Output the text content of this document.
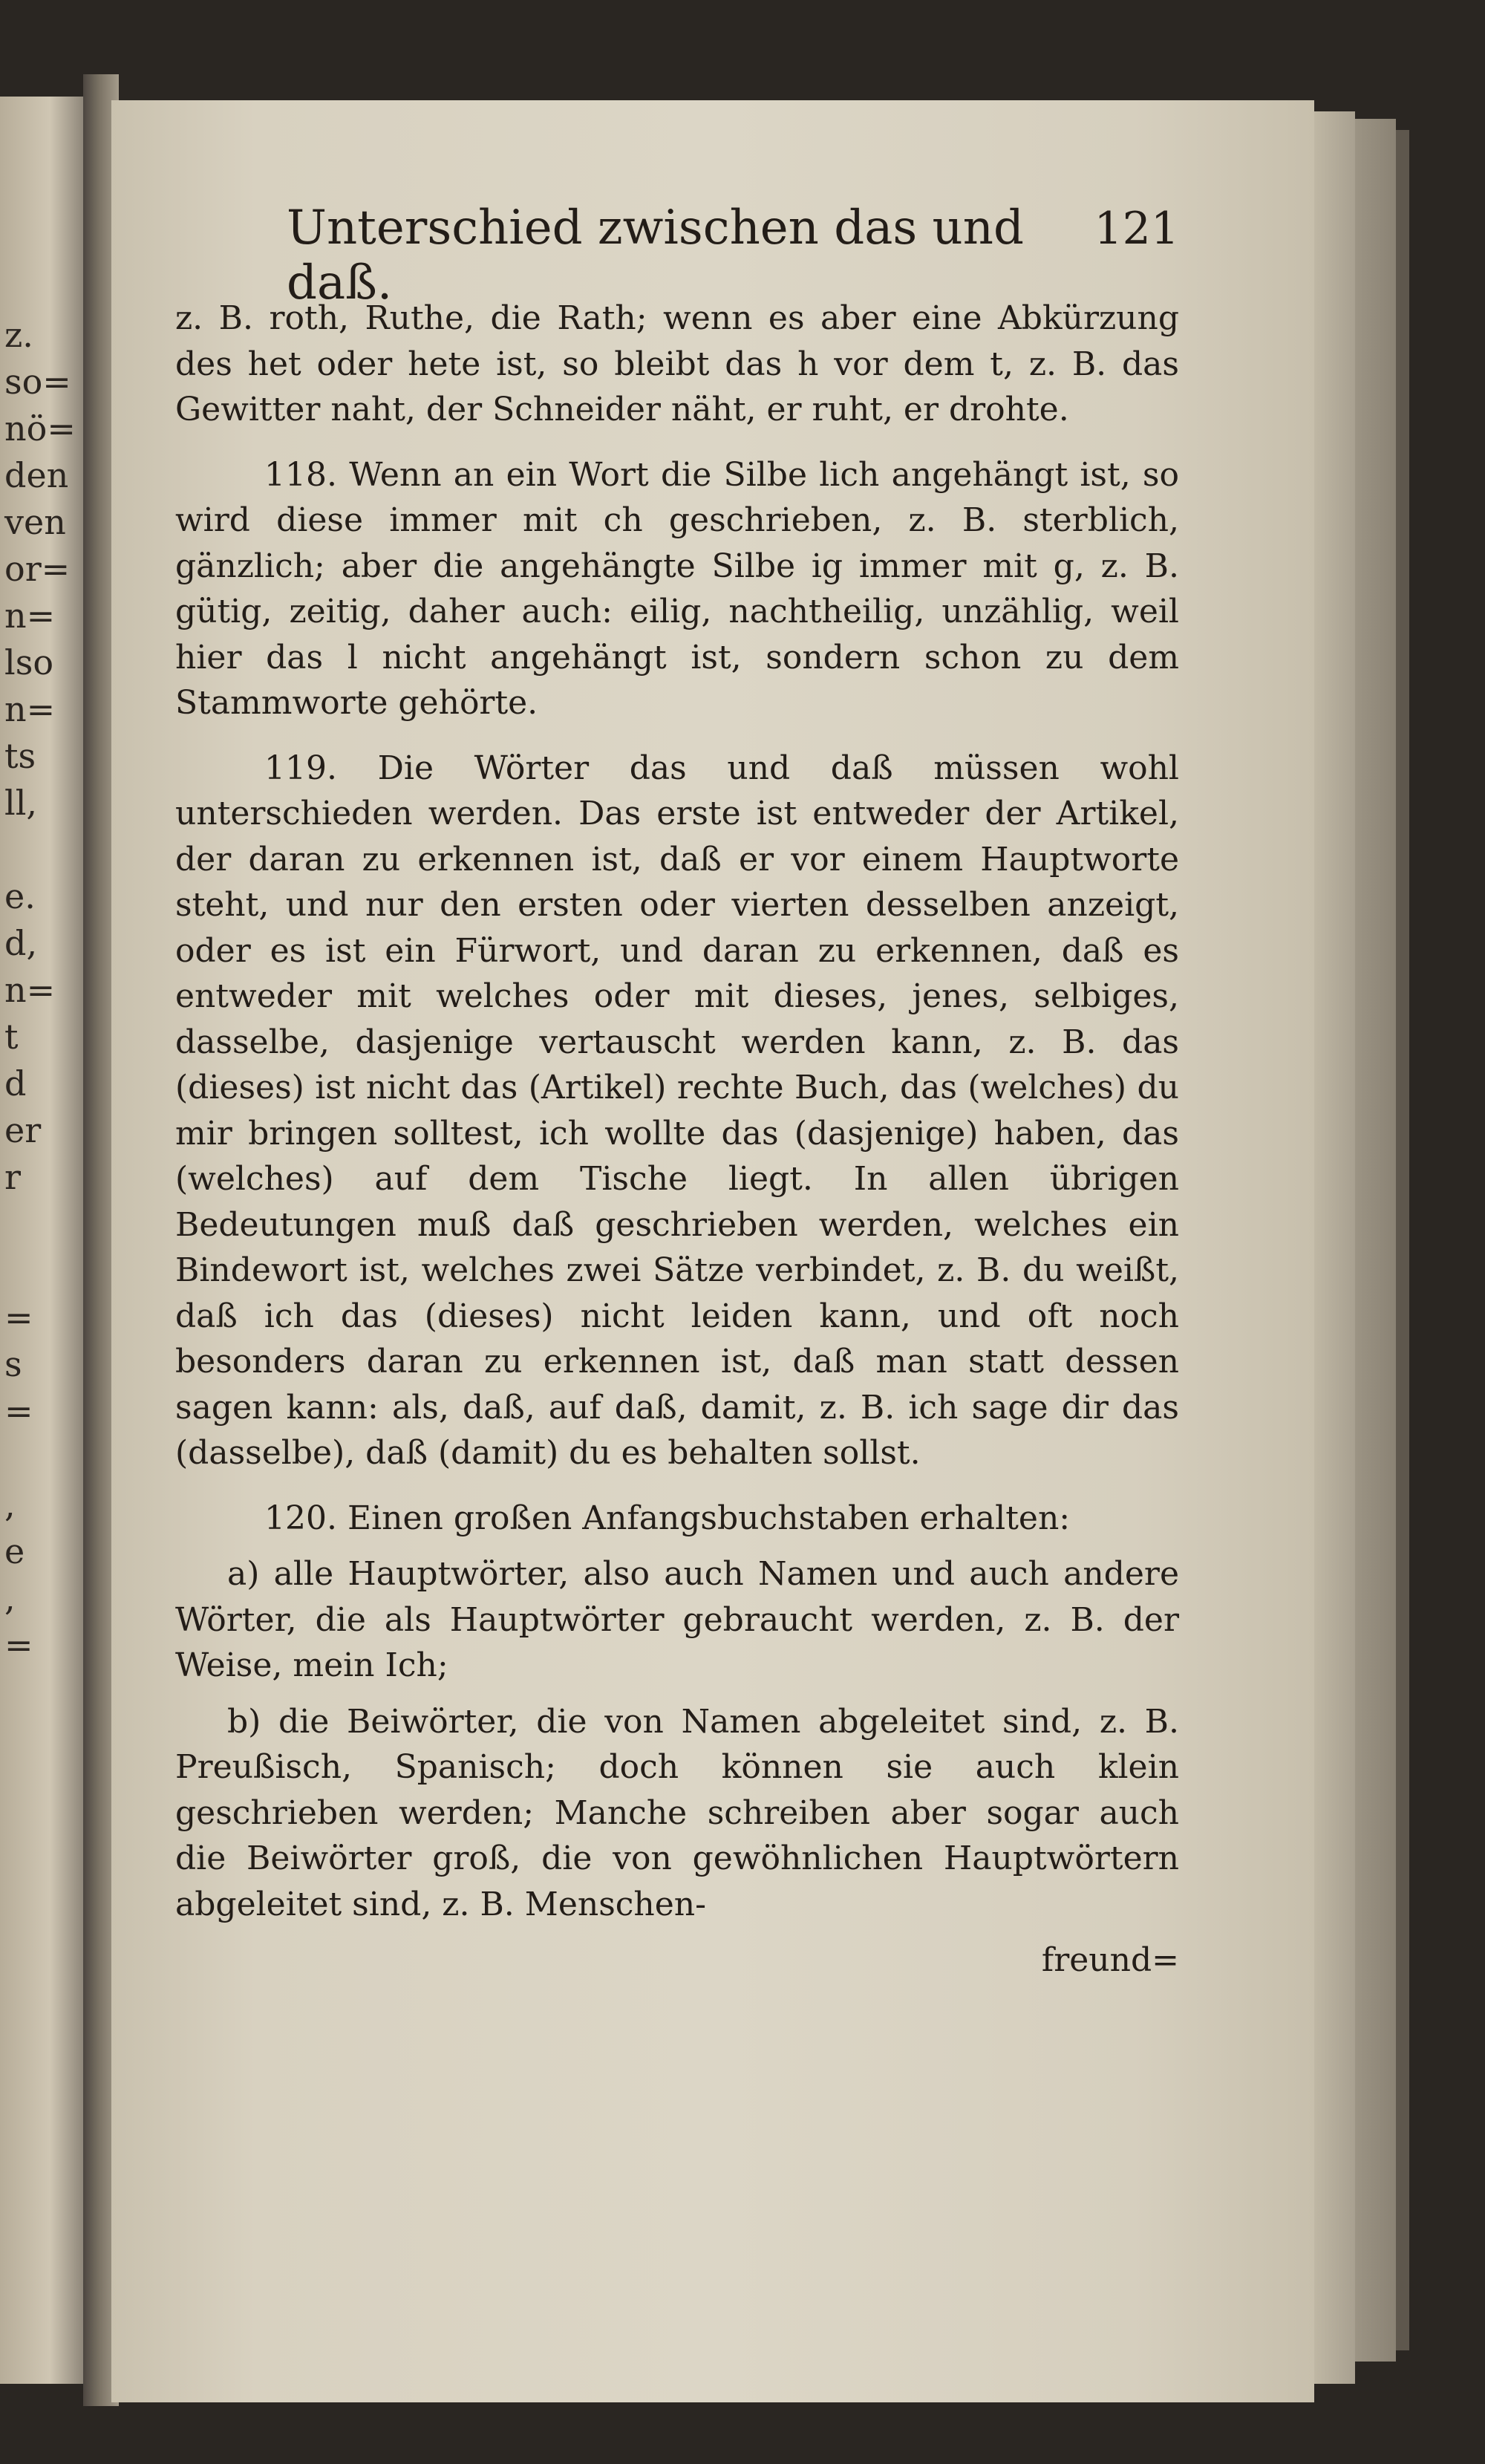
z.
so=
nö=
den
ven
or=
n=
lso
n=
ts
ll,
e.
d,
n=
t
d
er
r
=
s
=
,
e
,
=
Unterschied zwischen das und daß.
121

z. B. roth, Ruthe, die Rath; wenn es aber eine Abkürzung des het oder hete ist, so bleibt das h vor dem t, z. B. das Gewitter naht, der Schneider näht, er ruht, er drohte.

118. Wenn an ein Wort die Silbe lich angehängt ist, so wird diese immer mit ch geschrieben, z. B. sterblich, gänzlich; aber die angehängte Silbe ig immer mit g, z. B. gütig, zeitig, daher auch: eilig, nachtheilig, unzählig, weil hier das l nicht angehängt ist, sondern schon zu dem Stammworte gehörte.

119. Die Wörter das und daß müssen wohl unterschieden werden. Das erste ist entweder der Artikel, der daran zu erkennen ist, daß er vor einem Hauptworte steht, und nur den ersten oder vierten desselben anzeigt, oder es ist ein Fürwort, und daran zu erkennen, daß es entweder mit welches oder mit dieses, jenes, selbiges, dasselbe, dasjenige vertauscht werden kann, z. B. das (dieses) ist nicht das (Artikel) rechte Buch, das (welches) du mir bringen solltest, ich wollte das (dasjenige) haben, das (welches) auf dem Tische liegt. In allen übrigen Bedeutungen muß daß geschrieben werden, welches ein Bindewort ist, welches zwei Sätze verbindet, z. B. du weißt, daß ich das (dieses) nicht leiden kann, und oft noch besonders daran zu erkennen ist, daß man statt dessen sagen kann: als, daß, auf daß, damit, z. B. ich sage dir das (dasselbe), daß (damit) du es behalten sollst.

120. Einen großen Anfangsbuchstaben erhalten:

a) alle Hauptwörter, also auch Namen und auch andere Wörter, die als Hauptwörter gebraucht werden, z. B. der Weise, mein Ich;

b) die Beiwörter, die von Namen abgeleitet sind, z. B. Preußisch, Spanisch; doch können sie auch klein geschrieben werden; Manche schreiben aber sogar auch die Beiwörter groß, die von gewöhnlichen Hauptwörtern abgeleitet sind, z. B. Menschen-

freund=
